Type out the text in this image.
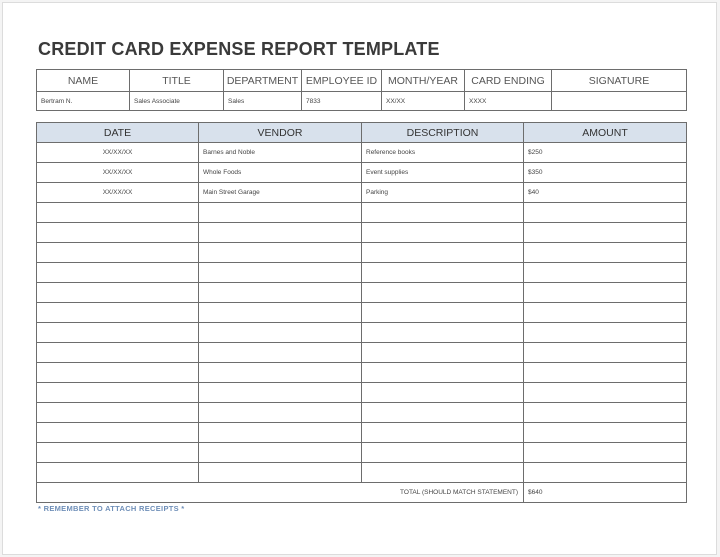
CREDIT CARD EXPENSE REPORT TEMPLATE
NAME	TITLE	DEPARTMENT	EMPLOYEE ID	MONTH/YEAR	CARD ENDING	SIGNATURE
Bertram N.	Sales Associate	Sales	7833	XX/XX	XXXX	
DATE	VENDOR	DESCRIPTION	AMOUNT
XX/XX/XX	Barnes and Noble	Reference books	$250
XX/XX/XX	Whole Foods	Event supplies	$350
XX/XX/XX	Main Street Garage	Parking	$40

TOTAL (SHOULD MATCH STATEMENT)			$640

* REMEMBER TO ATTACH RECEIPTS *
